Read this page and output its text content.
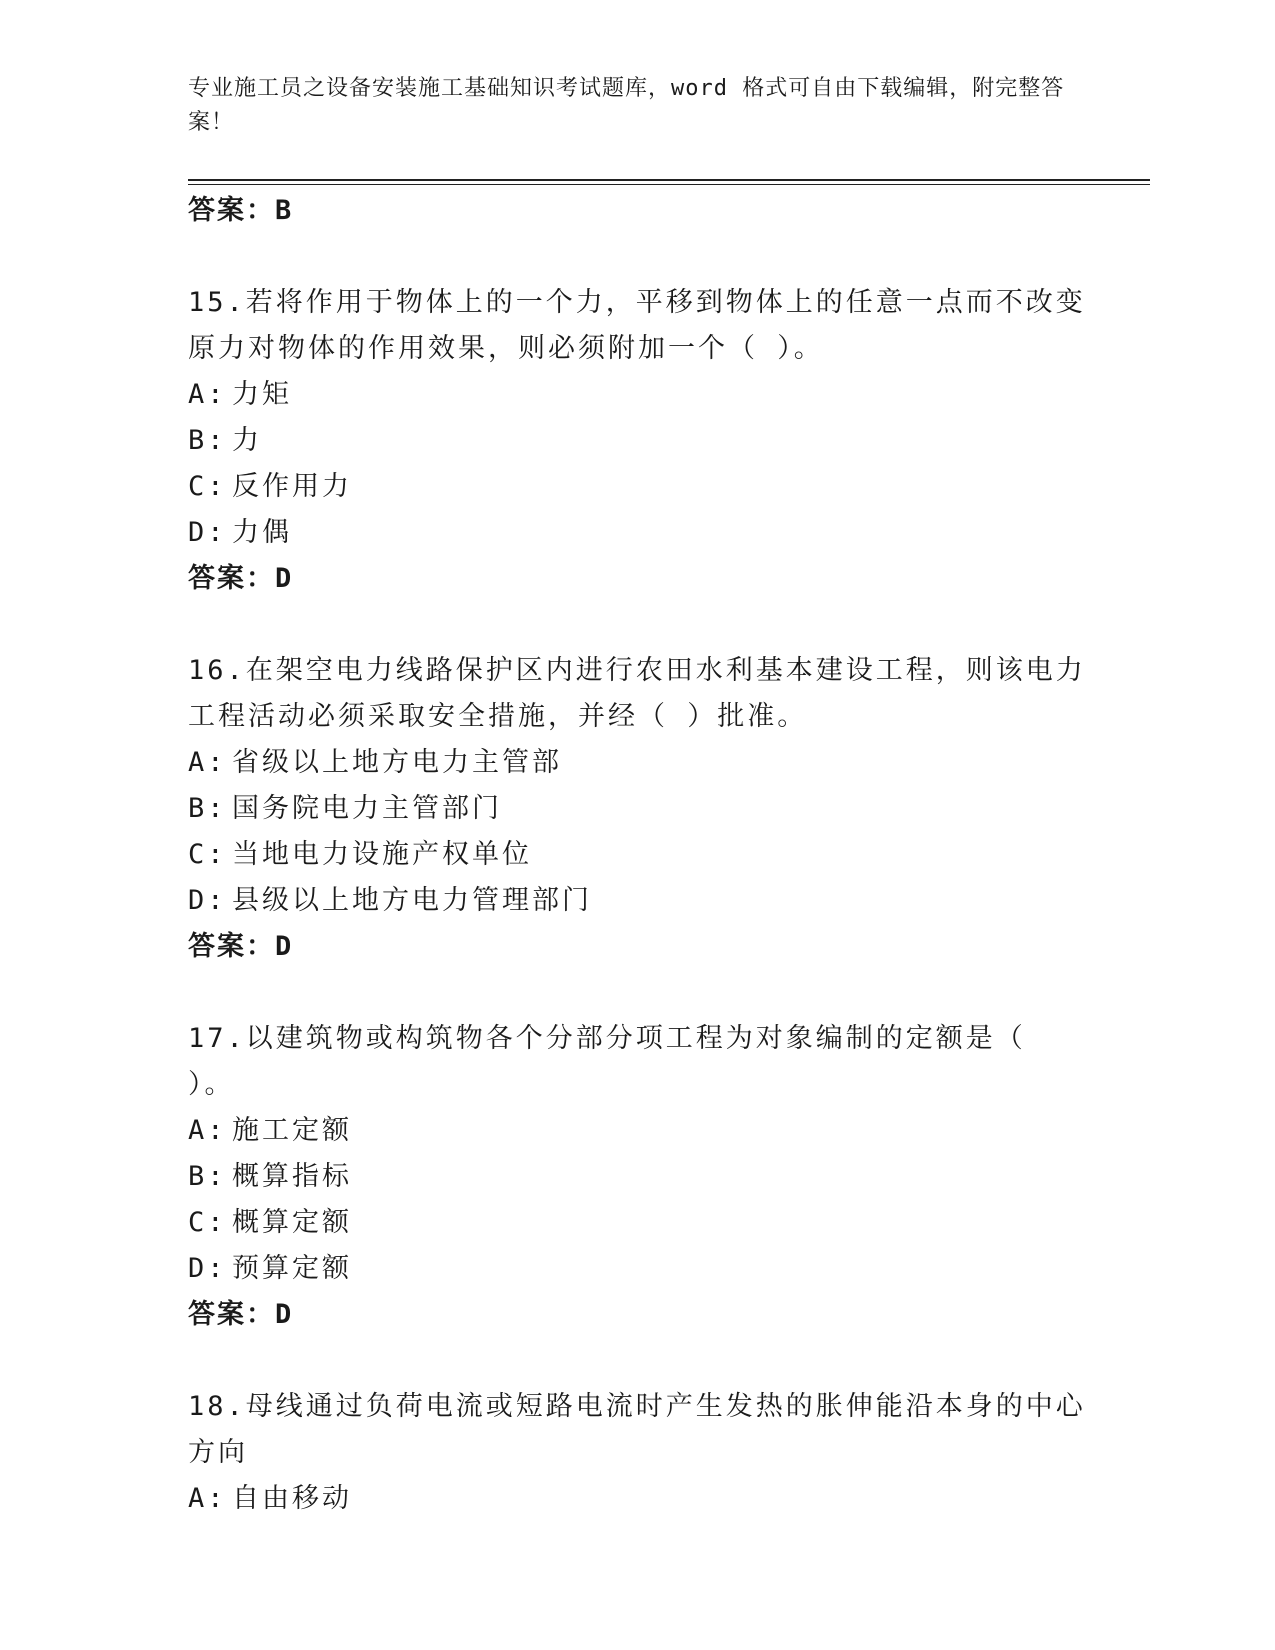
专业施工员之设备安装施工基础知识考试题库，word 格式可自由下载编辑，附完整答案！
答案：B
15.若将作用于物体上的一个力，平移到物体上的任意一点而不改变原力对物体的作用效果，则必须附加一个（ ）。
A: 力矩
B: 力
C: 反作用力
D: 力偶
答案：D
16.在架空电力线路保护区内进行农田水利基本建设工程，则该电力工程活动必须采取安全措施，并经（ ）批准。
A: 省级以上地方电力主管部
B: 国务院电力主管部门
C: 当地电力设施产权单位
D: 县级以上地方电力管理部门
答案：D
17.以建筑物或构筑物各个分部分项工程为对象编制的定额是（ ）。
A: 施工定额
B: 概算指标
C: 概算定额
D: 预算定额
答案：D
18.母线通过负荷电流或短路电流时产生发热的胀伸能沿本身的中心方向
A: 自由移动
